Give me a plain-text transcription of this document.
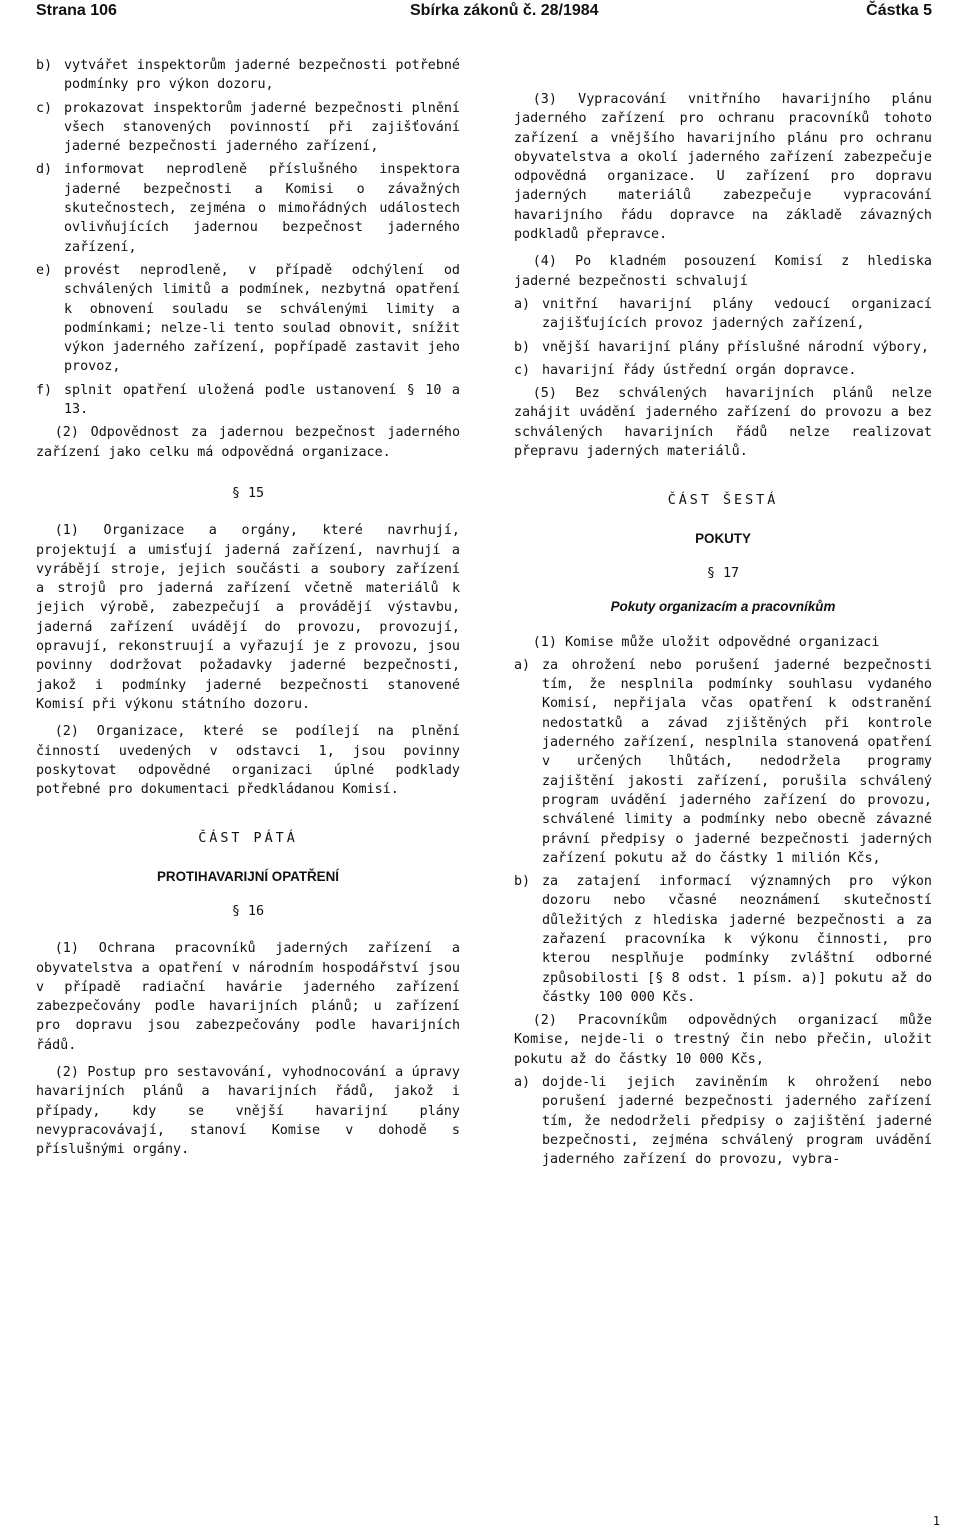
Strana 106	Sbírka zákonů č. 28/1984	Částka 5
b) vytvářet inspektorům jaderné bezpečnosti potřebné podmínky pro výkon dozoru,
c) prokazovat inspektorům jaderné bezpečnosti plnění všech stanovených povinností při zajišťování jaderné bezpečnosti jaderného zařízení,
d) informovat neprodleně příslušného inspektora jaderné bezpečnosti a Komisi o závažných skutečnostech, zejména o mimořádných událostech ovlivňujících jadernou bezpečnost jaderného zařízení,
e) provést neprodleně, v případě odchýlení od schválených limitů a podmínek, nezbytná opatření k obnovení souladu se schválenými limity a podmínkami; nelze-li tento soulad obnovit, snížit výkon jaderného zařízení, popřípadě zastavit jeho provoz,
f) splnit opatření uložená podle ustanovení § 10 a 13.

(2) Odpovědnost za jadernou bezpečnost jaderného zařízení jako celku má odpovědná organizace.

§ 15

(1) Organizace a orgány, které navrhují, projektují a umisťují jaderná zařízení, navrhují a vyrábějí stroje, jejich součásti a soubory zařízení a strojů pro jaderná zařízení včetně materiálů k jejich výrobě, zabezpečují a provádějí výstavbu, jaderná zařízení uvádějí do provozu, provozují, opravují, rekonstruují a vyřazují je z provozu, jsou povinny dodržovat požadavky jaderné bezpečnosti, jakož i podmínky jaderné bezpečnosti stanovené Komisí při výkonu státního dozoru.

(2) Organizace, které se podílejí na plnění činností uvedených v odstavci 1, jsou povinny poskytovat odpovědné organizaci úplné podklady potřebné pro dokumentaci předkládanou Komisí.

ČÁST PÁTÁ

PROTIHAVARIJNÍ OPATŘENÍ

§ 16

(1) Ochrana pracovníků jaderných zařízení a obyvatelstva a opatření v národním hospodářství jsou v případě radiační havárie jaderného zařízení zabezpečovány podle havarijních plánů; u zařízení pro dopravu jsou zabezpečovány podle havarijních řádů.

(2) Postup pro sestavování, vyhodnocování a úpravy havarijních plánů a havarijních řádů, jakož i případy, kdy se vnější havarijní plány nevypracovávají, stanoví Komise v dohodě s příslušnými orgány.

(3) Vypracování vnitřního havarijního plánu jaderného zařízení pro ochranu pracovníků tohoto zařízení a vnějšího havarijního plánu pro ochranu obyvatelstva a okolí jaderného zařízení zabezpečuje odpovědná organizace. U zařízení pro dopravu jaderných materiálů zabezpečuje vypracování havarijního řádu dopravce na základě závazných podkladů přepravce.

(4) Po kladném posouzení Komisí z hlediska jaderné bezpečnosti schvalují

a) vnitřní havarijní plány vedoucí organizací zajišťujících provoz jaderných zařízení,
b) vnější havarijní plány příslušné národní výbory,
c) havarijní řády ústřední orgán dopravce.

(5) Bez schválených havarijních plánů nelze zahájit uvádění jaderného zařízení do provozu a bez schválených havarijních řádů nelze realizovat přepravu jaderných materiálů.

ČÁST ŠESTÁ

POKUTY

§ 17

Pokuty organizacím a pracovníkům

(1) Komise může uložit odpovědné organizaci

a) za ohrožení nebo porušení jaderné bezpečnosti tím, že nesplnila podmínky souhlasu vydaného Komisí, nepřijala včas opatření k odstranění nedostatků a závad zjištěných při kontrole jaderného zařízení, nesplnila stanovená opatření v určených lhůtách, nedodržela programy zajištění jakosti zařízení, porušila schválený program uvádění jaderného zařízení do provozu, schválené limity a podmínky nebo obecně závazné právní předpisy o jaderné bezpečnosti jaderných zařízení pokutu až do částky 1 milión Kčs,
b) za zatajení informací významných pro výkon dozoru nebo včasné neoznámení skutečností důležitých z hlediska jaderné bezpečnosti a za zařazení pracovníka k výkonu činnosti, pro kterou nesplňuje podmínky zvláštní odborné způsobilosti [§ 8 odst. 1 písm. a)] pokutu až do částky 100 000 Kčs.

(2) Pracovníkům odpovědných organizací může Komise, nejde-li o trestný čin nebo přečin, uložit pokutu až do částky 10 000 Kčs,

a) dojde-li jejich zaviněním k ohrožení nebo porušení jaderné bezpečnosti jaderného zařízení tím, že nedodrželi předpisy o zajištění jaderné bezpečnosti, zejména schválený program uvádění jaderného zařízení do provozu, vybra-
1
